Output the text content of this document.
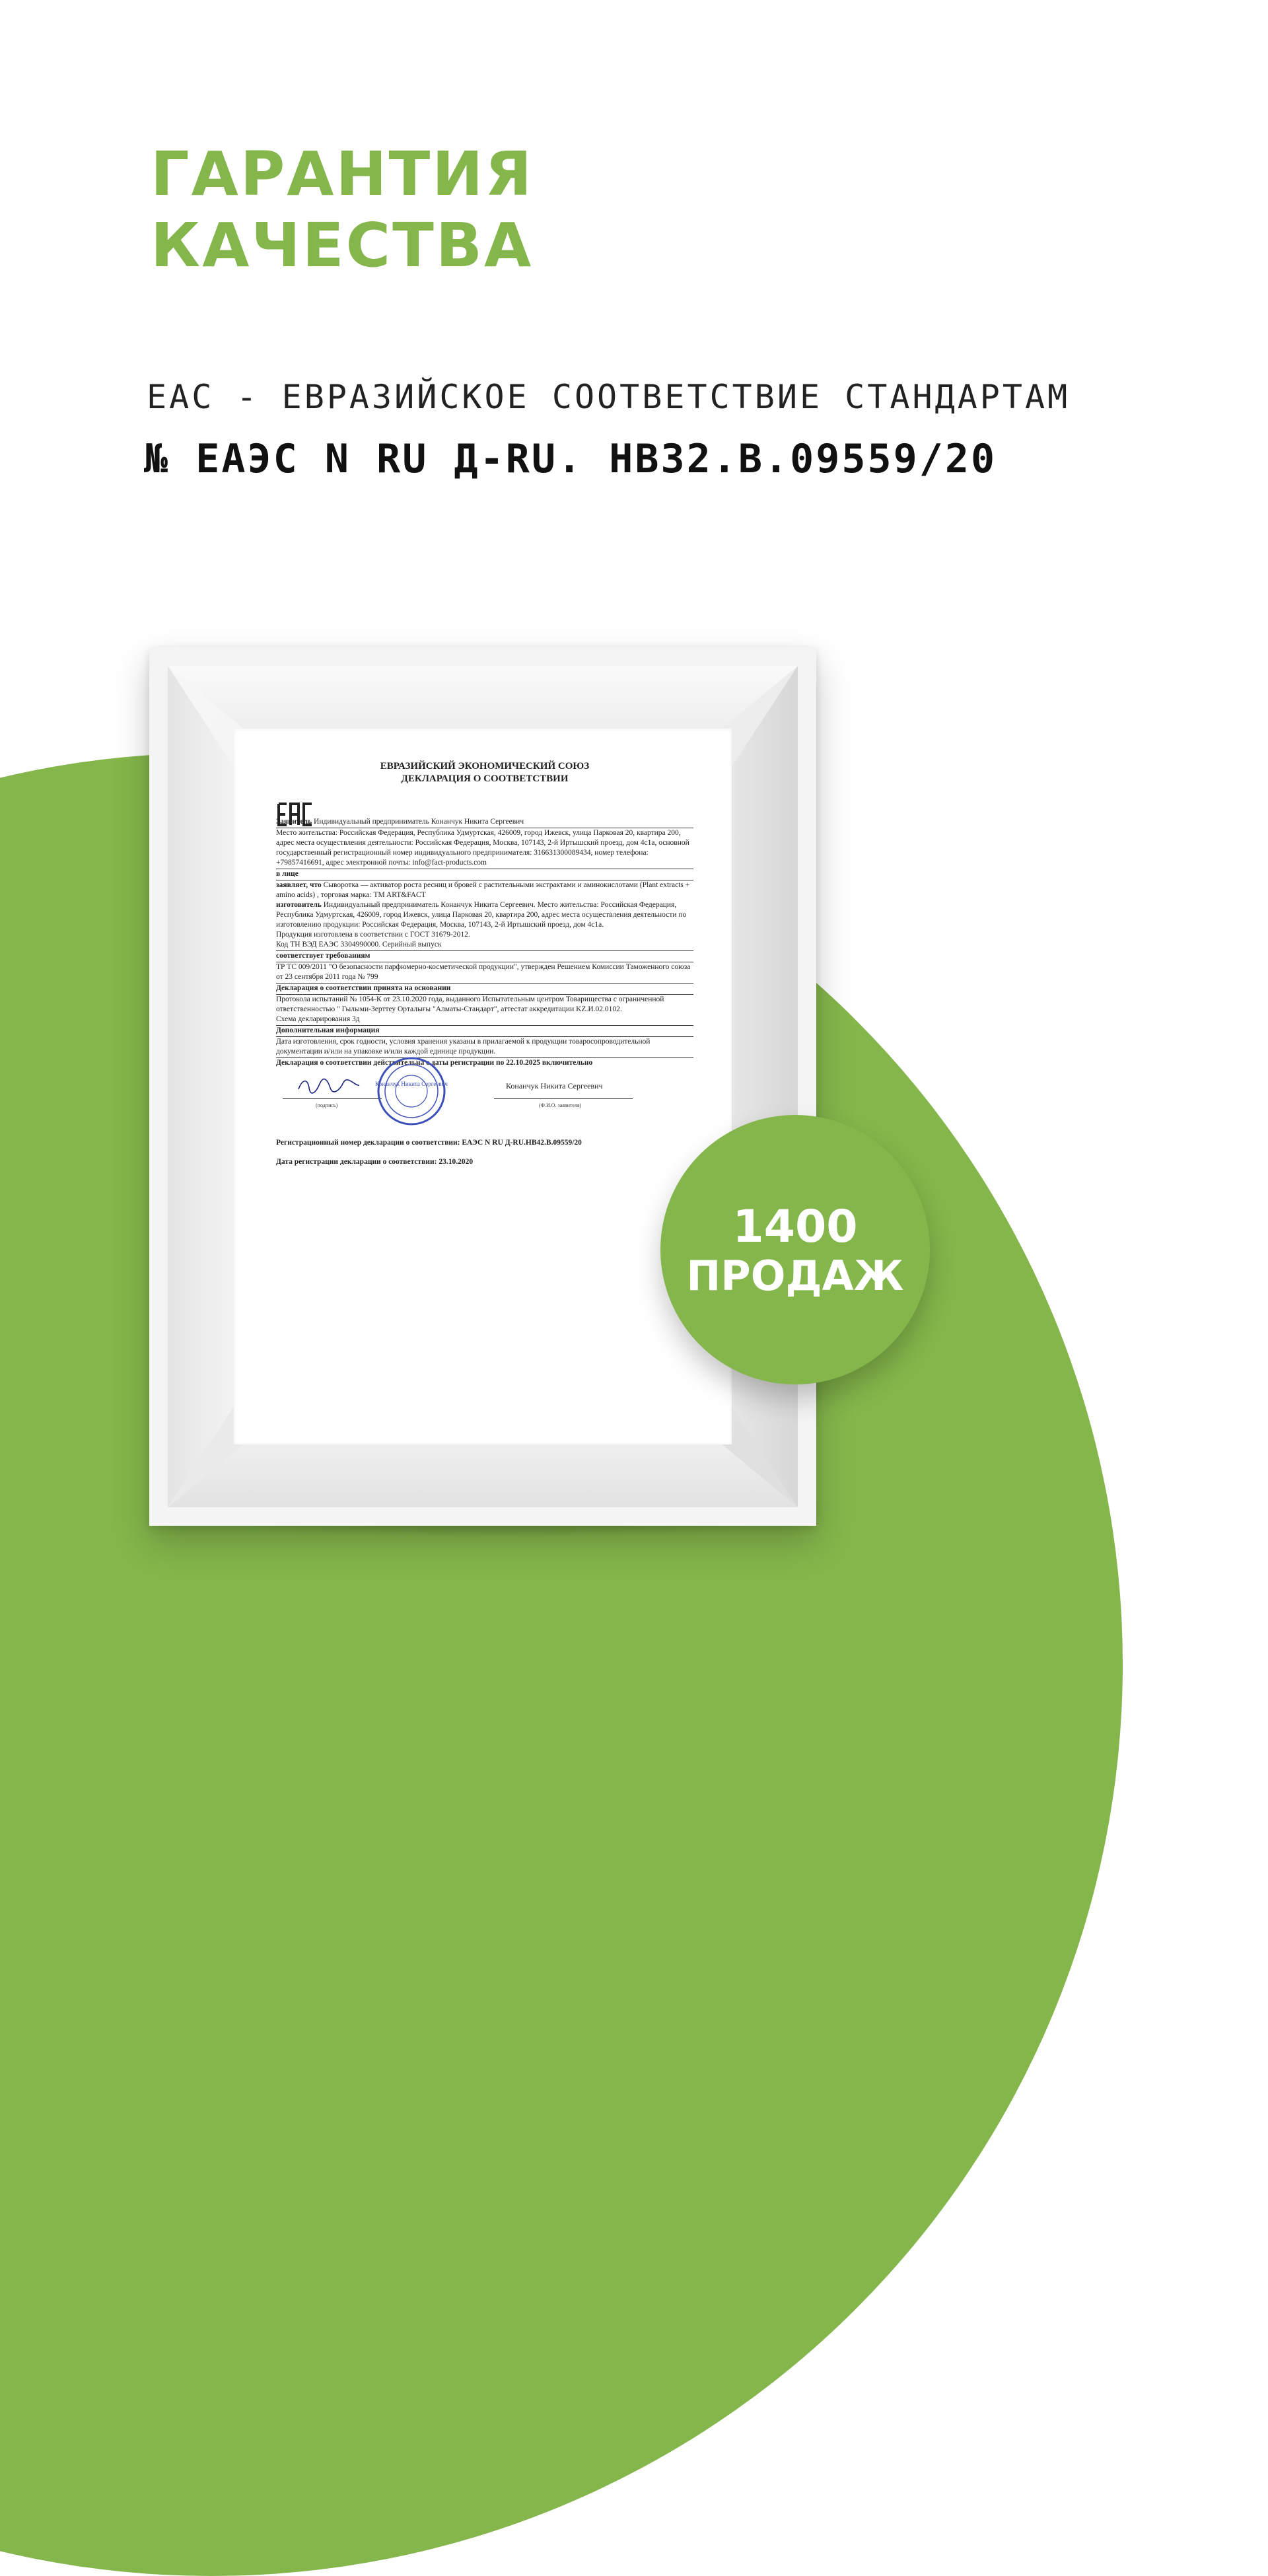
ГАРАНТИЯ
КАЧЕСТВА
EAC - ЕВРАЗИЙСКОЕ СООТВЕТСТВИЕ СТАНДАРТАМ
№ ЕАЭС N RU Д-RU. НВ32.В.09559/20

ЕВРАЗИЙСКИЙ ЭКОНОМИЧЕСКИЙ СОЮЗ

ДЕКЛАРАЦИЯ О СООТВЕТСТВИИ

Заявитель Индивидуальный предприниматель Конанчук Никита Сергеевич

Место жительства: Российская Федерация, Республика Удмуртская, 426009, город Ижевск, улица Парковая 20, квартира 200, адрес места осуществления деятельности: Российская Федерация, Москва, 107143, 2-й Иртышский проезд, дом 4с1а, основной государственный регистрационный номер индивидуального предпринимателя: 316631300089434, номер телефона: +79857416691, адрес электронной почты: info@fact-products.com

в лице

заявляет, что Сыворотка — активатор роста ресниц и бровей с растительными экстрактами и аминокислотами (Plant extracts + amino acids) , торговая марка: TM ART&FACT

изготовитель Индивидуальный предприниматель Конанчук Никита Сергеевич. Место жительства: Российская Федерация, Республика Удмуртская, 426009, город Ижевск, улица Парковая 20, квартира 200, адрес места осуществления деятельности по изготовлению продукции: Российская Федерация, Москва, 107143, 2-й Иртышский проезд, дом 4с1а.

Продукция изготовлена в соответствии с ГОСТ 31679-2012.

Код ТН ВЭД ЕАЭС 3304990000. Серийный выпуск

соответствует требованиям

ТР ТС 009/2011 "О безопасности парфюмерно-косметической продукции", утвержден Решением Комиссии Таможенного союза от 23 сентября 2011 года № 799

Декларация о соответствии принята на основании

Протокола испытаний № 1054-К от 23.10.2020 года, выданного Испытательным центром Товарищества с ограниченной ответственностью " Гылыми-Зерттеу Орталығы "Алматы-Стандарт", аттестат аккредитации KZ.И.02.0102.

Схема декларирования 3д

Дополнительная информация

Дата изготовления, срок годности, условия хранения указаны в прилагаемой к продукции товаросопроводительной документации и/или на упаковке и/или каждой единице продукции.

Декларация о соответствии действительна с даты регистрации по 22.10.2025 включительно

(подпись)
Конанчук Никита Сергеевич	Конанчук Никита Сергеевич
(Ф.И.О. заявителя)

Регистрационный номер декларации о соответствии: ЕАЭС N RU Д-RU.НВ42.В.09559/20

Дата регистрации декларации о соответствии: 23.10.2020

1400
ПРОДАЖ
